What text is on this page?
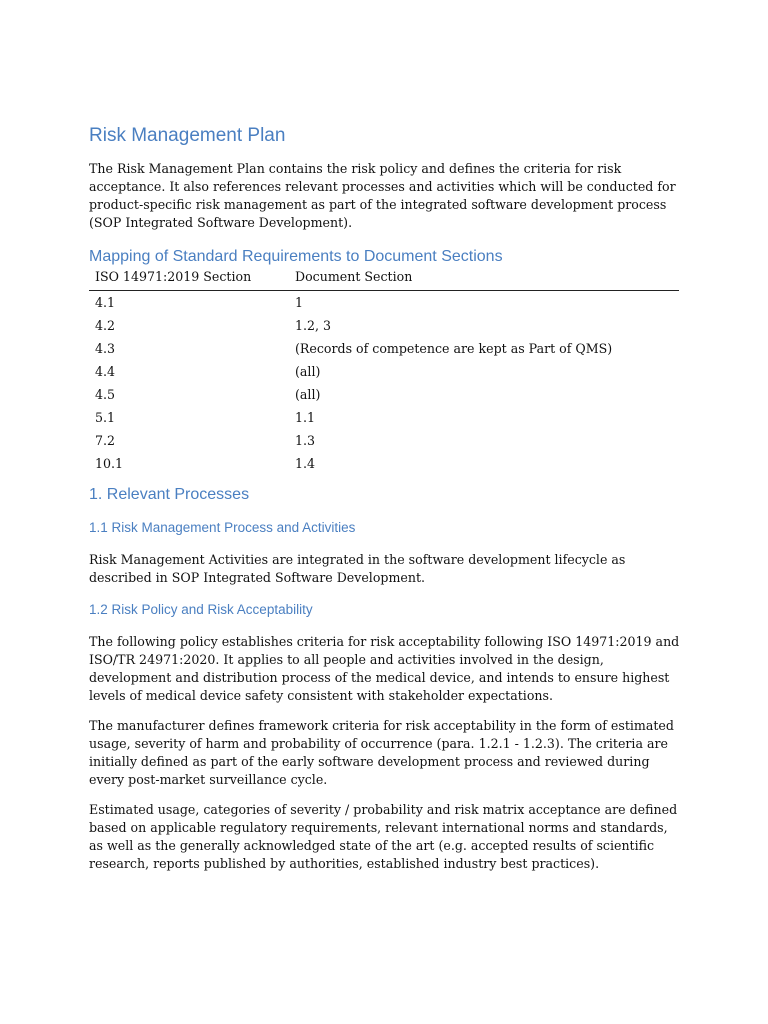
Risk Management Plan

The Risk Management Plan contains the risk policy and defines the criteria for risk acceptance. It also references relevant processes and activities which will be conducted for product-specific risk management as part of the integrated software development process (SOP Integrated Software Development).

Mapping of Standard Requirements to Document Sections
ISO 14971:2019 Section	Document Section
4.1	1
4.2	1.2, 3
4.3	(Records of competence are kept as Part of QMS)
4.4	(all)
4.5	(all)
5.1	1.1
7.2	1.3
10.1	1.4
1. Relevant Processes
1.1 Risk Management Process and Activities

Risk Management Activities are integrated in the software development lifecycle as described in SOP Integrated Software Development.

1.2 Risk Policy and Risk Acceptability

The following policy establishes criteria for risk acceptability following ISO 14971:2019 and ISO/TR 24971:2020. It applies to all people and activities involved in the design, development and distribution process of the medical device, and intends to ensure highest levels of medical device safety consistent with stakeholder expectations.

The manufacturer defines framework criteria for risk acceptability in the form of estimated usage, severity of harm and probability of occurrence (para. 1.2.1 - 1.2.3). The criteria are initially defined as part of the early software development process and reviewed during every post-market surveillance cycle.

Estimated usage, categories of severity / probability and risk matrix acceptance are defined based on applicable regulatory requirements, relevant international norms and standards, as well as the generally acknowledged state of the art (e.g. accepted results of scientific research, reports published by authorities, established industry best practices).
